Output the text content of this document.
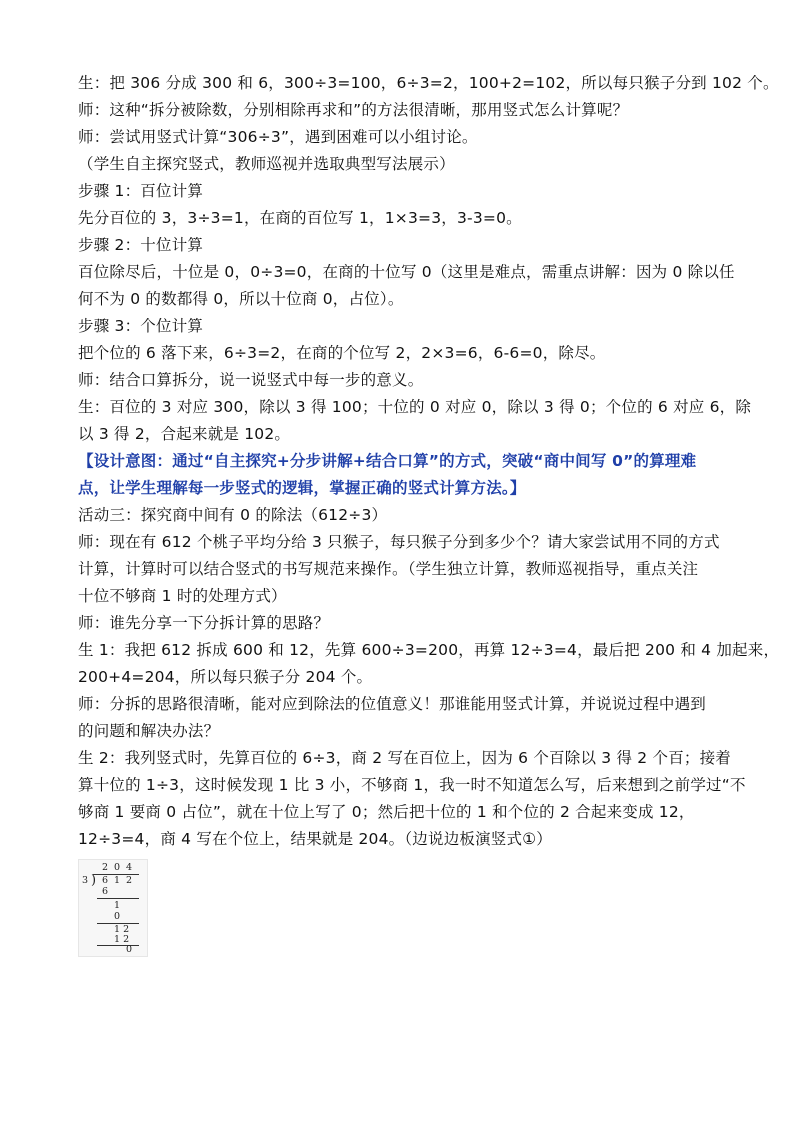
生：把 306 分成 300 和 6，300÷3=100，6÷3=2，100+2=102，所以每只猴子分到 102 个。
师：这种“拆分被除数，分别相除再求和”的方法很清晰，那用竖式怎么计算呢？
师：尝试用竖式计算“306÷3”，遇到困难可以小组讨论。
（学生自主探究竖式，教师巡视并选取典型写法展示）
步骤 1：百位计算
先分百位的 3，3÷3=1，在商的百位写 1，1×3=3，3-3=0。
步骤 2：十位计算
百位除尽后，十位是 0，0÷3=0，在商的十位写 0（这里是难点，需重点讲解：因为 0 除以任
何不为 0 的数都得 0，所以十位商 0，占位）。
步骤 3：个位计算
把个位的 6 落下来，6÷3=2，在商的个位写 2，2×3=6，6-6=0，除尽。
师：结合口算拆分，说一说竖式中每一步的意义。
生：百位的 3 对应 300，除以 3 得 100；十位的 0 对应 0，除以 3 得 0；个位的 6 对应 6，除
以 3 得 2，合起来就是 102。
【设计意图：通过“自主探究+分步讲解+结合口算”的方式，突破“商中间写 0”的算理难
点，让学生理解每一步竖式的逻辑，掌握正确的竖式计算方法。】
活动三：探究商中间有 0 的除法（612÷3）
师：现在有 612 个桃子平均分给 3 只猴子，每只猴子分到多少个？请大家尝试用不同的方式
计算，计算时可以结合竖式的书写规范来操作。（学生独立计算，教师巡视指导，重点关注
十位不够商 1 时的处理方式）
师：谁先分享一下分拆计算的思路？
生 1：我把 612 拆成 600 和 12，先算 600÷3=200，再算 12÷3=4，最后把 200 和 4 加起来，
200+4=204，所以每只猴子分 204 个。
师：分拆的思路很清晰，能对应到除法的位值意义！那谁能用竖式计算，并说说过程中遇到
的问题和解决办法？
生 2：我列竖式时，先算百位的 6÷3，商 2 写在百位上，因为 6 个百除以 3 得 2 个百；接着
算十位的 1÷3，这时候发现 1 比 3 小，不够商 1，我一时不知道怎么写，后来想到之前学过“不
够商 1 要商 0 占位”，就在十位上写了 0；然后把十位的 1 和个位的 2 合起来变成 12，
12÷3=4，商 4 写在个位上，结果就是 204。（边说边板演竖式①）
2 0 4
3 ) 6 1 2
6
1
0
1 2
1 2
0
